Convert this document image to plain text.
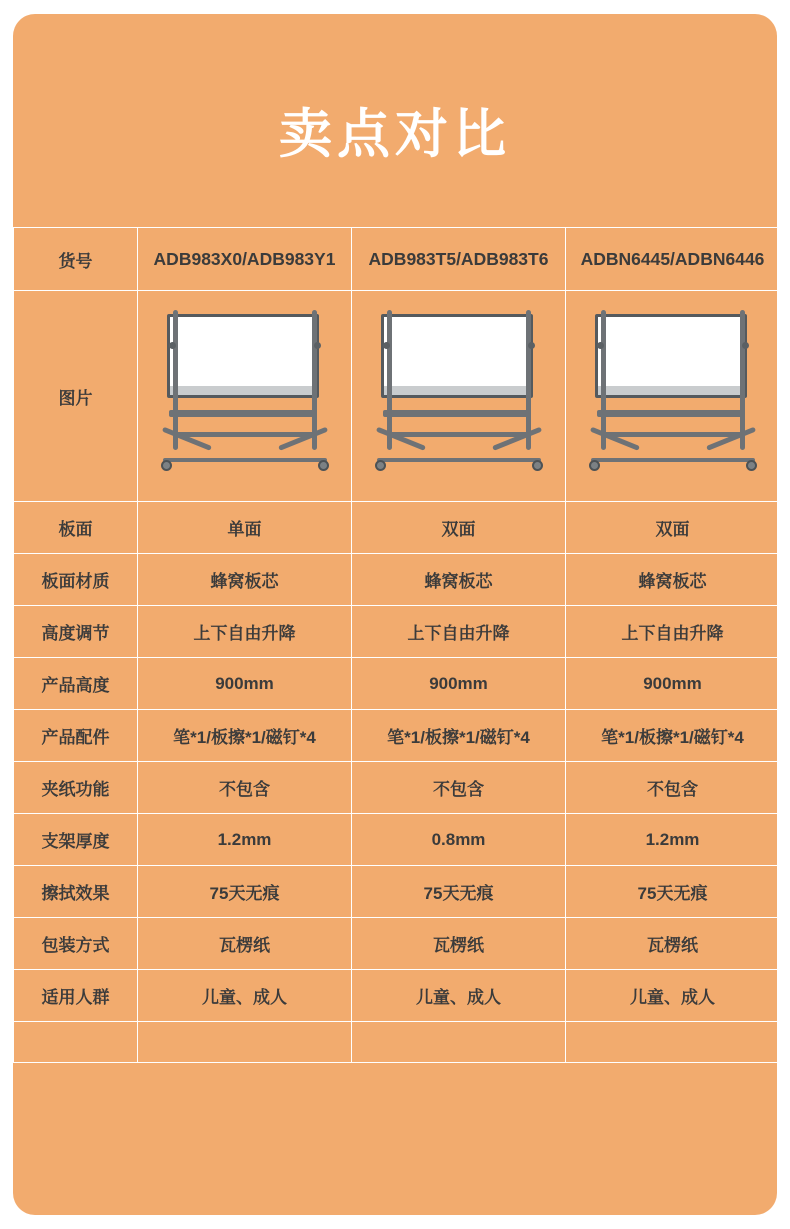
卖点对比
货号	ADB983X0/ADB983Y1	ADB983T5/ADB983T6	ADBN6445/ADBN6446
图片	

板面	单面	双面	双面
板面材质	蜂窝板芯	蜂窝板芯	蜂窝板芯
高度调节	上下自由升降	上下自由升降	上下自由升降
产品高度	900mm	900mm	900mm
产品配件	笔*1/板擦*1/磁钉*4	笔*1/板擦*1/磁钉*4	笔*1/板擦*1/磁钉*4
夹纸功能	不包含	不包含	不包含
支架厚度	1.2mm	0.8mm	1.2mm
擦拭效果	75天无痕	75天无痕	75天无痕
包装方式	瓦楞纸	瓦楞纸	瓦楞纸
适用人群	儿童、成人	儿童、成人	儿童、成人
